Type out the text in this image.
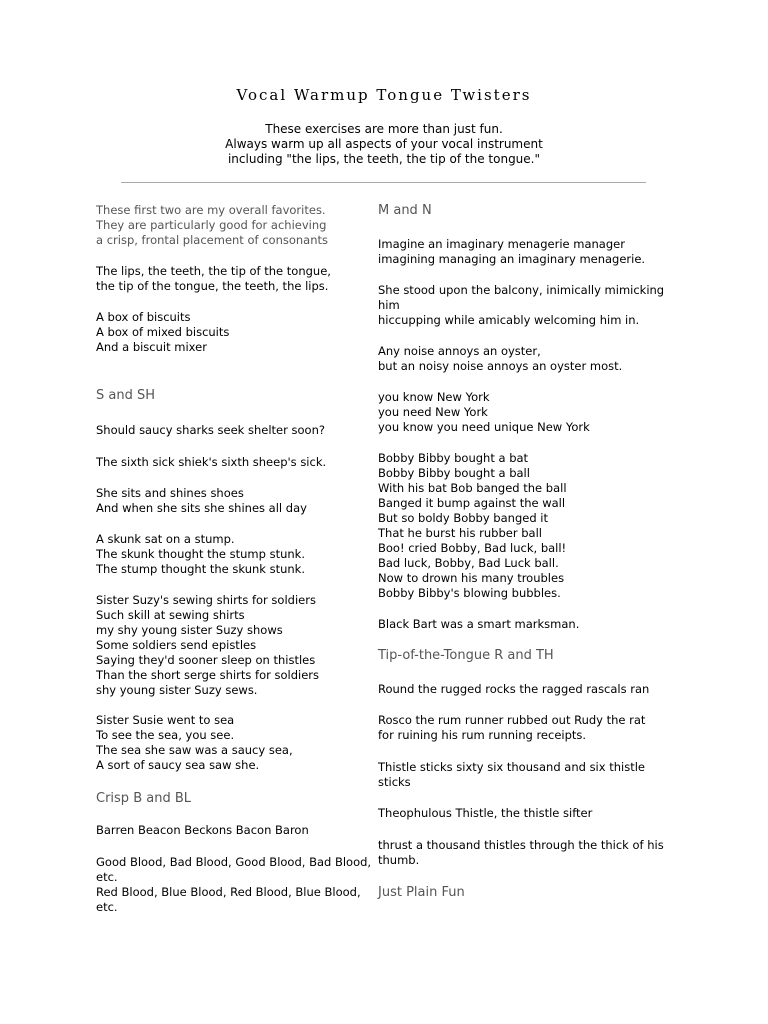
Vocal Warmup Tongue Twisters
These exercises are more than just fun.
Always warm up all aspects of your vocal instrument
including "the lips, the teeth, the tip of the tongue."
These first two are my overall favorites.
They are particularly good for achieving
a crisp, frontal placement of consonants
The lips, the teeth, the tip of the tongue,
the tip of the tongue, the teeth, the lips.
A box of biscuits
A box of mixed biscuits
And a biscuit mixer
S and SH
Should saucy sharks seek shelter soon?
The sixth sick shiek's sixth sheep's sick.
She sits and shines shoes
And when she sits she shines all day
A skunk sat on a stump.
The skunk thought the stump stunk.
The stump thought the skunk stunk.
Sister Suzy's sewing shirts for soldiers
Such skill at sewing shirts
my shy young sister Suzy shows
Some soldiers send epistles
Saying they'd sooner sleep on thistles
Than the short serge shirts for soldiers
shy young sister Suzy sews.
Sister Susie went to sea
To see the sea, you see.
The sea she saw was a saucy sea,
A sort of saucy sea saw she.
Crisp B and BL
Barren Beacon Beckons Bacon Baron
Good Blood, Bad Blood, Good Blood, Bad Blood,
etc.
Red Blood, Blue Blood, Red Blood, Blue Blood,
etc.
M and N
Imagine an imaginary menagerie manager
imagining managing an imaginary menagerie.
She stood upon the balcony, inimically mimicking
him
hiccupping while amicably welcoming him in.
Any noise annoys an oyster,
but an noisy noise annoys an oyster most.
you know New York
you need New York
you know you need unique New York
Bobby Bibby bought a bat
Bobby Bibby bought a ball
With his bat Bob banged the ball
Banged it bump against the wall
But so boldy Bobby banged it
That he burst his rubber ball
Boo! cried Bobby, Bad luck, ball!
Bad luck, Bobby, Bad Luck ball.
Now to drown his many troubles
Bobby Bibby's blowing bubbles.
Black Bart was a smart marksman.
Tip-of-the-Tongue R and TH
Round the rugged rocks the ragged rascals ran
Rosco the rum runner rubbed out Rudy the rat
for ruining his rum running receipts.
Thistle sticks sixty six thousand and six thistle
sticks
Theophulous Thistle, the thistle sifter
thrust a thousand thistles through the thick of his
thumb.
Just Plain Fun
